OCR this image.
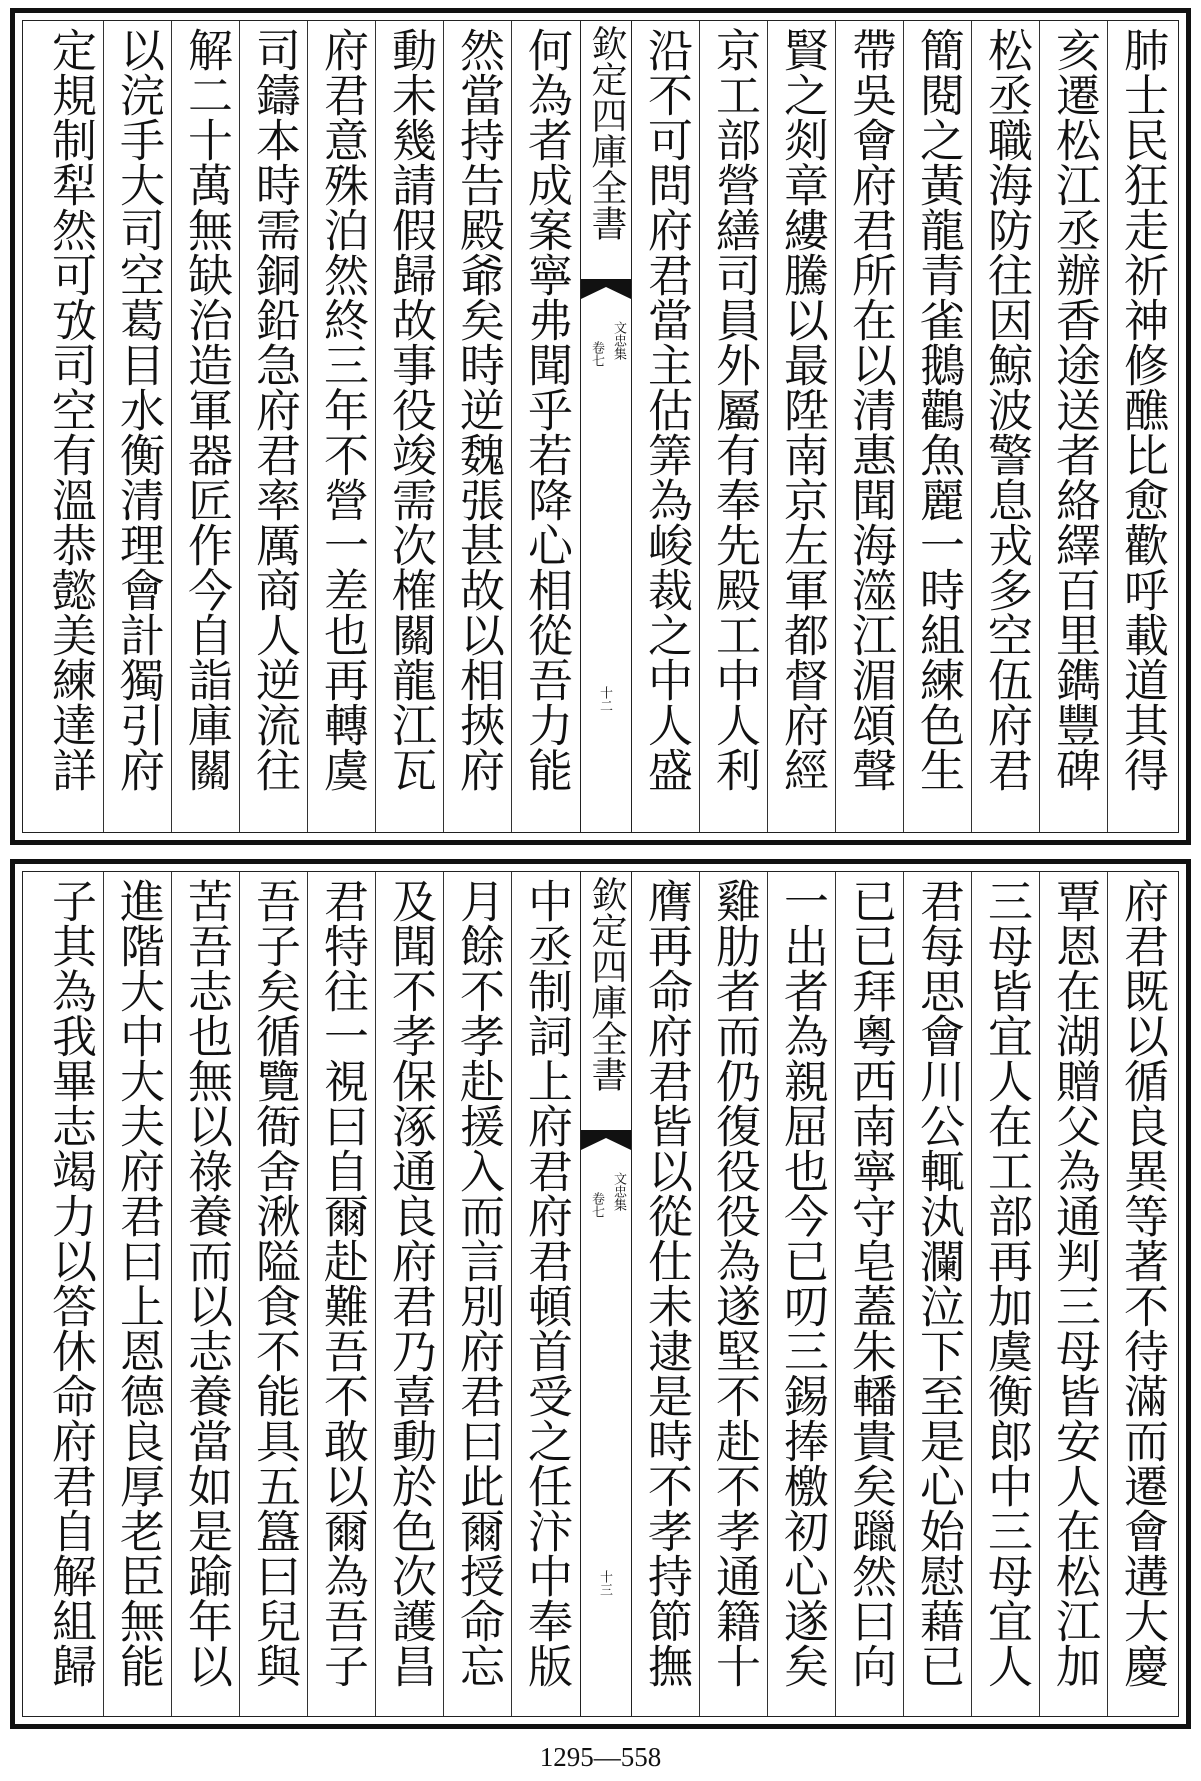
肺士民狂走祈神修醮比愈歡呼載道其得
亥遷松江丞辦香途送者絡繹百里鐫豐碑
松丞職海防往因鯨波警息戎多空伍府君
簡閱之黃龍青雀鵝鸛魚麗一時組練色生
帶吳會府君所在以清惠聞海澨江湄頌聲
賢之剡章縷騰以最陞南京左軍都督府經
京工部營繕司員外屬有奉先殿工中人利
沿不可問府君當主估筭為峻裁之中人盛
欽定四庫全書
文忠集
卷七
十二
何為者成案寧弗聞乎若降心相從吾力能
然當持告殿爺矣時逆魏張甚故以相挾府
動未幾請假歸故事役竣需次榷關龍江瓦
府君意殊泊然終三年不營一差也再轉虞
司鑄本時需銅鉛急府君率厲商人逆流往
解二十萬無缺治造軍器匠作今自詣庫關
以浣手大司空葛目水衡清理會計獨引府
定規制犁然可攷司空有溫恭懿美練達詳
府君既以循良異等著不待滿而遷會遘大慶
覃恩在湖贈父為通判三母皆安人在松江加
三母皆宜人在工部再加虞衡郎中三母宜人
君每思會川公輒汍瀾泣下至是心始慰藉已
已已拜粵西南寧守皂蓋朱轓貴矣躐然曰向
一出者為親屈也今已叨三錫捧檄初心遂矣
雞肋者而仍復役役為遂堅不赴不孝通籍十
膺再命府君皆以從仕未逮是時不孝持節撫
欽定四庫全書
文忠集
卷七
十三
中丞制詞上府君府君頓首受之任汴中奉版
月餘不孝赴援入而言別府君曰此爾授命忘
及聞不孝保涿通良府君乃喜動於色次護昌
君特往一視曰自爾赴難吾不敢以爾為吾子
吾子矣循覽衙舍湫隘食不能具五簋曰兒與
苦吾志也無以祿養而以志養當如是踰年以
進階大中大夫府君曰上恩德良厚老臣無能
子其為我畢志竭力以答休命府君自解組歸
1295—558
